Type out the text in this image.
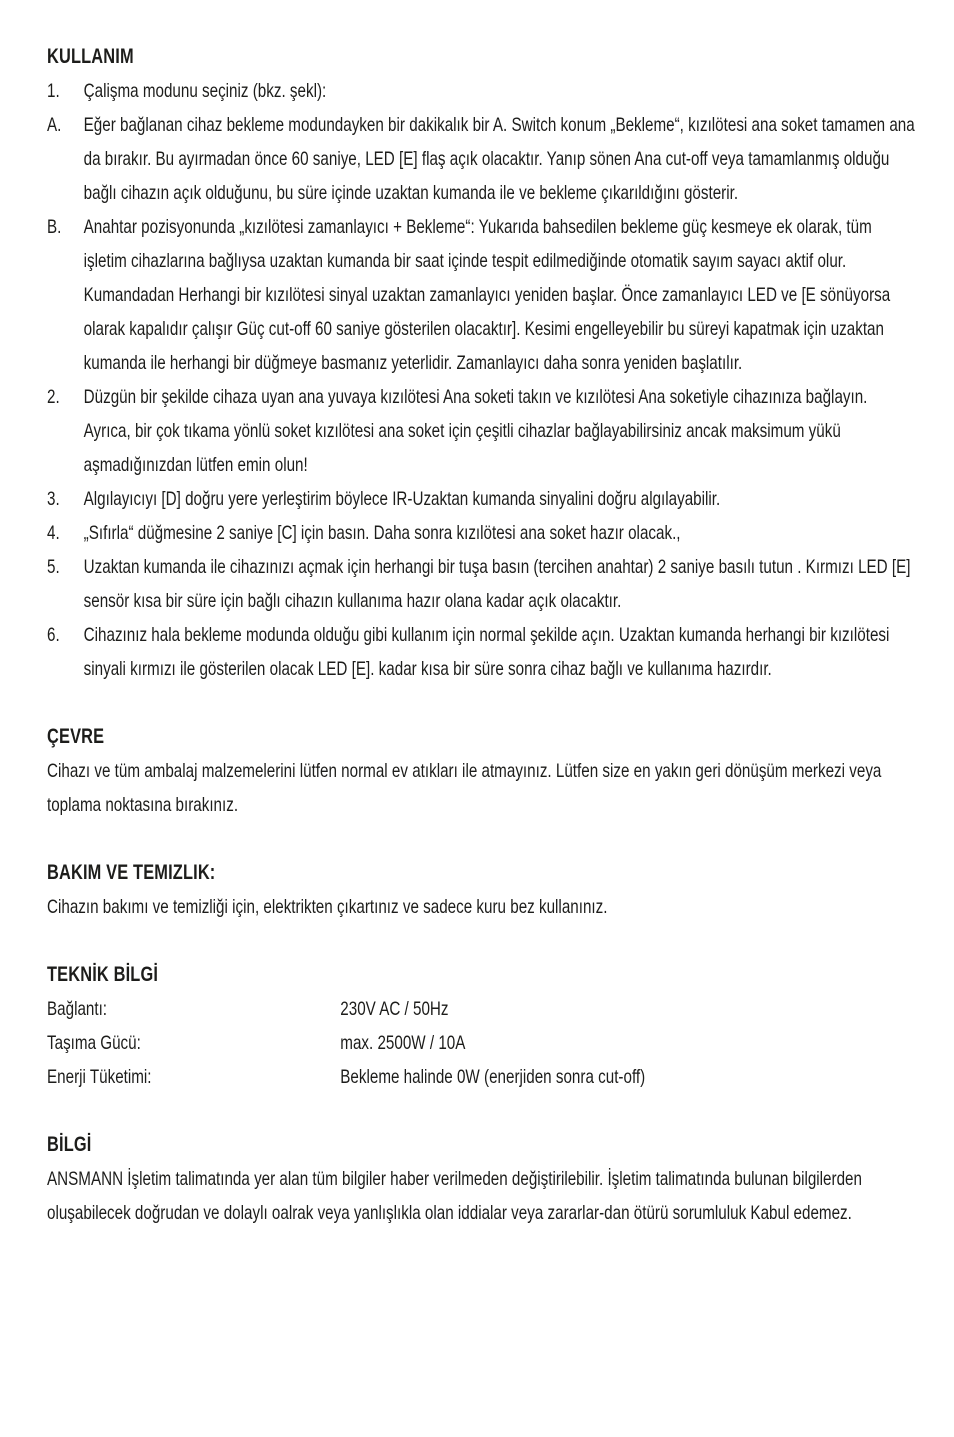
KULLANIM
1. Çalişma modunu seçiniz (bkz. şekl):
A. Eğer bağlanan cihaz bekleme modundayken bir dakikalık bir A. Switch konum „Bekleme“, kızılötesi ana soket tamamen ana da bırakır. Bu ayırmadan önce 60 saniye, LED [E] flaş açık olacaktır. Yanıp sönen Ana cut-off veya tamamlanmış olduğu bağlı cihazın açık olduğunu, bu süre içinde uzaktan kumanda ile ve bekleme çıkarıldığını gösterir.
B. Anahtar pozisyonunda „kızılötesi zamanlayıcı + Bekleme“: Yukarıda bahsedilen bekleme güç kesmeye ek olarak, tüm işletim cihazlarına bağlıysa uzaktan kumanda bir saat içinde tespit edilmediğinde otomatik sayım sayacı aktif olur. Kumandadan Herhangi bir kızılötesi sinyal uzaktan zamanlayıcı yeniden başlar. Önce zamanlayıcı LED ve [E sönüyorsa olarak kapalıdır çalışır Güç cut-off 60 saniye gösterilen olacaktır]. Kesimi engelleyebilir bu süreyi kapatmak için uzaktan kumanda ile herhangi bir düğmeye basmanız yeterlidir. Zamanlayıcı daha sonra yeniden başlatılır.
2. Düzgün bir şekilde cihaza uyan ana yuvaya kızılötesi Ana soketi takın ve kızılötesi Ana soketiyle cihazınıza bağlayın. Ayrıca, bir çok tıkama yönlü soket kızılötesi ana soket için çeşitli cihazlar bağlayabilirsiniz ancak maksimum yükü aşmadığınızdan lütfen emin olun!
3. Algılayıcıyı [D] doğru yere yerleştirim böylece IR-Uzaktan kumanda sinyalini doğru algılayabilir.
4. „Sıfırla“ düğmesine 2 saniye [C] için basın. Daha sonra kızılötesi ana soket hazır olacak.,
5. Uzaktan kumanda ile cihazınızı açmak için herhangi bir tuşa basın (tercihen anahtar) 2 saniye basılı tutun . Kırmızı LED [E] sensör kısa bir süre için bağlı cihazın kullanıma hazır olana kadar açık olacaktır.
6. Cihazınız hala bekleme modunda olduğu gibi kullanım için normal şekilde açın. Uzaktan kumanda herhangi bir kızılötesi sinyali kırmızı ile gösterilen olacak LED [E]. kadar kısa bir süre sonra cihaz bağlı ve kullanıma hazırdır.
ÇEVRE

Cihazı ve tüm ambalaj malzemelerini lütfen normal ev atıkları ile atmayınız. Lütfen size en yakın geri dönüşüm merkezi veya toplama noktasına bırakınız.

BAKIM VE TEMIZLIK:

Cihazın bakımı ve temizliği için, elektrikten çıkartınız ve sadece kuru bez kullanınız.

TEKNİK BİLGİ
Bağlantı:	230V AC / 50Hz
Taşıma Gücü:	max. 2500W / 10A
Enerji Tüketimi:	Bekleme halinde 0W (enerjiden sonra cut-off)
BİLGİ

ANSMANN İşletim talimatında yer alan tüm bilgiler haber verilmeden değiştirilebilir. İşletim talimatında bulunan bilgilerden oluşabilecek doğrudan ve dolaylı oalrak veya yanlışlıkla olan iddialar veya zararlar-dan ötürü sorumluluk Kabul edemez.
